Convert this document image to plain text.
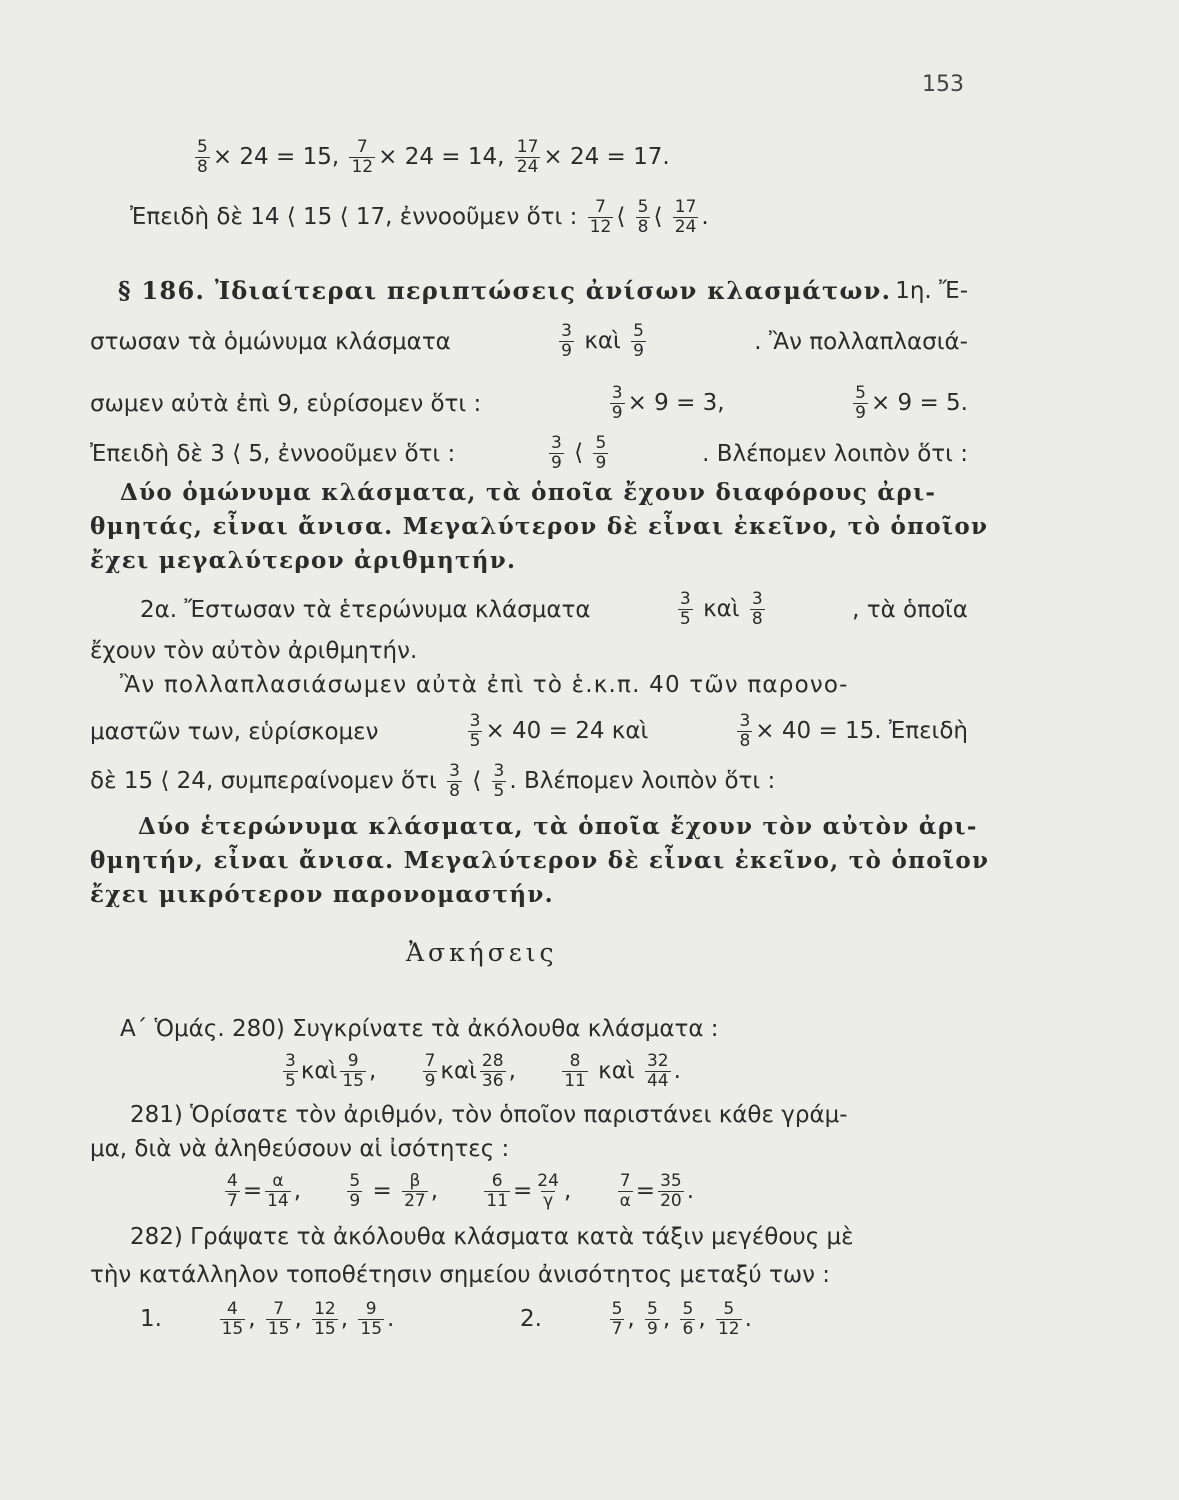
153
$\frac{5}{8} \times 24 = 15$, $\frac{7}{12} \times 24 = 14$, $\frac{17}{24} \times 24 = 17$.
Ἐπειδὴ δὲ 14 ⟨ 15 ⟨ 17, ἐννοοῦμεν ὅτι : $\frac{7}{12}$ ⟨ $\frac{5}{8}$ ⟨ $\frac{17}{24}$ .
§ 186. Ἰδιαίτεραι περιπτώσεις ἀνίσων κλασμάτων. 1η. Ἔ-
στωσαν τὰ ὁμώνυμα κλάσματα	$\frac{3}{9}$ καὶ $\frac{5}{9}$	. Ἂν πολλαπλασιά-
σωμεν αὐτὰ ἐπὶ 9, εὑρίσομεν ὅτι :	$\frac{3}{9} \times 9 = 3$,	$\frac{5}{9} \times 9 = 5$.
Ἐπειδὴ δὲ 3 ⟨ 5, ἐννοοῦμεν ὅτι :	$\frac{3}{9}$ ⟨ $\frac{5}{9}$	. Βλέπομεν λοιπὸν ὅτι :
Δύο ὁμώνυμα κλάσματα, τὰ ὁποῖα ἔχουν διαφόρους ἀρι-
θμητάς, εἶναι ἄνισα. Μεγαλύτερον δὲ εἶναι ἐκεῖνο, τὸ ὁποῖον
ἔχει μεγαλύτερον ἀριθμητήν.
2α. Ἔστωσαν τὰ ἑτερώνυμα κλάσματα	$\frac{3}{5}$ καὶ $\frac{3}{8}$	, τὰ ὁποῖα
ἔχουν τὸν αὐτὸν ἀριθμητήν.
Ἂν πολλαπλασιάσωμεν αὐτὰ ἐπὶ τὸ ἑ.κ.π. 40 τῶν παρονο-
μαστῶν των, εὑρίσκομεν	$\frac{3}{5} \times 40 = 24$ καὶ	$\frac{3}{8} \times 40 = 15$. Ἐπειδὴ
δὲ 15 ⟨ 24, συμπεραίνομεν ὅτι $\frac{3}{8}$ ⟨ $\frac{3}{5}$ . Βλέπομεν λοιπὸν ὅτι :
Δύο ἑτερώνυμα κλάσματα, τὰ ὁποῖα ἔχουν τὸν αὐτὸν ἀρι-
θμητήν, εἶναι ἄνισα. Μεγαλύτερον δὲ εἶναι ἐκεῖνο, τὸ ὁποῖον
ἔχει μικρότερον παρονομαστήν.
Ἀσκήσεις
Α΄ Ὁμάς. 280) Συγκρίνατε τὰ ἀκόλουθα κλάσματα :
$\frac{3}{5}$ καὶ $\frac{9}{15}$ ,	$\frac{7}{9}$ καὶ $\frac{28}{36}$ ,	$\frac{8}{11}$ καὶ $\frac{32}{44}$ .
281) Ὁρίσατε τὸν ἀριθμόν, τὸν ὁποῖον παριστάνει κάθε γράμ-
μα, διὰ νὰ ἀληθεύσουν αἱ ἰσότητες :
$\frac{4}{7} = \frac{\alpha}{14}$ ,	$\frac{5}{9} = \frac{\beta}{27}$ ,	$\frac{6}{11} = \frac{24}{\gamma}$ ,	$\frac{7}{\alpha} = \frac{35}{20}$ .
282) Γράψατε τὰ ἀκόλουθα κλάσματα κατὰ τάξιν μεγέθους μὲ
τὴν κατάλληλον τοποθέτησιν σημείου ἀνισότητος μεταξύ των :
1.	$\frac{4}{15}$ , $\frac{7}{15}$ , $\frac{12}{15}$ , $\frac{9}{15}$ .	2.	$\frac{5}{7}$ , $\frac{5}{9}$ , $\frac{5}{6}$ , $\frac{5}{12}$ .
